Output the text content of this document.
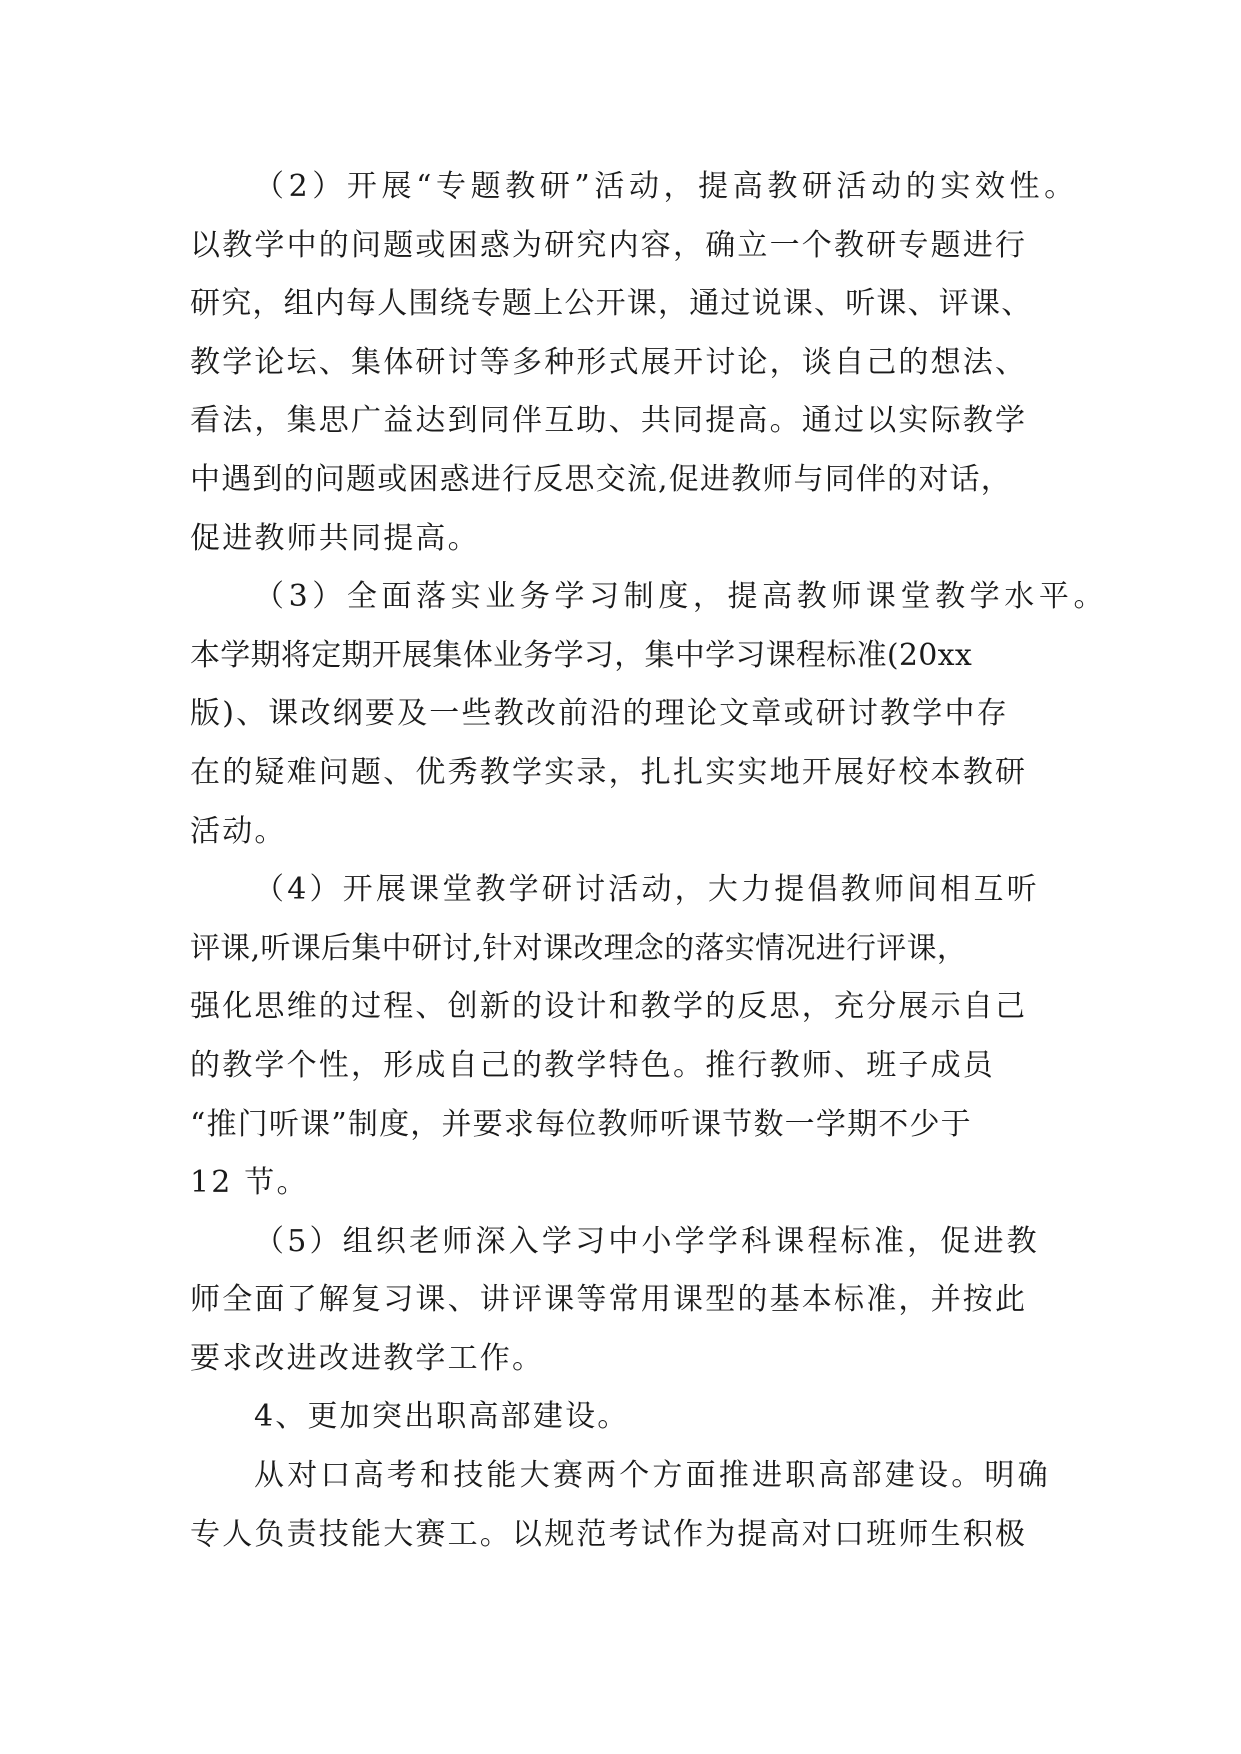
（2）开展“专题教研”活动，提高教研活动的实效性。
以教学中的问题或困惑为研究内容，确立一个教研专题进行
研究，组内每人围绕专题上公开课，通过说课、听课、评课、
教学论坛、集体研讨等多种形式展开讨论，谈自己的想法、
看法，集思广益达到同伴互助、共同提高。通过以实际教学
中遇到的问题或困惑进行反思交流,促进教师与同伴的对话，
促进教师共同提高。
（3）全面落实业务学习制度，提高教师课堂教学水平。
本学期将定期开展集体业务学习，集中学习课程标准(20xx
版)、课改纲要及一些教改前沿的理论文章或研讨教学中存
在的疑难问题、优秀教学实录，扎扎实实地开展好校本教研
活动。
（4）开展课堂教学研讨活动，大力提倡教师间相互听
评课,听课后集中研讨,针对课改理念的落实情况进行评课，
强化思维的过程、创新的设计和教学的反思，充分展示自己
的教学个性，形成自己的教学特色。推行教师、班子成员
“推门听课”制度，并要求每位教师听课节数一学期不少于
12 节。
（5）组织老师深入学习中小学学科课程标准，促进教
师全面了解复习课、讲评课等常用课型的基本标准，并按此
要求改进改进教学工作。
4、更加突出职高部建设。
从对口高考和技能大赛两个方面推进职高部建设。明确
专人负责技能大赛工。以规范考试作为提高对口班师生积极
